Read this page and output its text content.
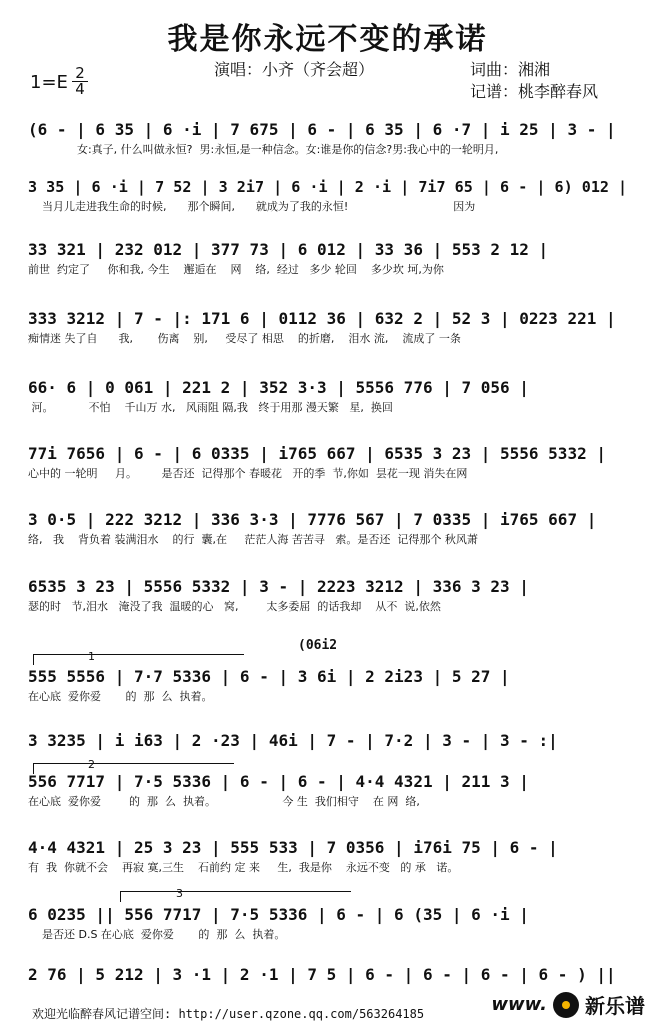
我是你永远不变的承诺
演唱：小齐（齐会超）	词曲：湘湘
记谱：桃李醉春风
1=E 2
4
(6 - | 6 35 | 6 ·i | 7 675 | 6 - | 6 35 | 6 ·7 | i 25 | 3 - |
女:真子, 什么叫做永恒?  男:永恒,是一种信念。女:谁是你的信念?男:我心中的一轮明月,
3 35 | 6 ·i | 7 52 | 3 2i7 | 6 ·i | 2 ·i | 7i7 65 | 6 - | 6) 012 |
当月儿走进我生命的时候,      那个瞬间,      就成为了我的永恒!                              因为
33 321 | 232 012 | 377 73 | 6 012 | 33 36 | 553 2 12 |
前世  约定了     你和我, 今生    邂逅在    网    络,  经过   多少 轮回    多少坎 坷,为你
333 3212 | 7 - |: 171 6 | 0112 36 | 632 2 | 52 3 | 0223 221 |
痴情迷 失了自      我,       伤离    别,     受尽了 相思    的折磨,    泪水 流,    流成了 一条
66· 6 | 0 061 | 221 2 | 352 3·3 | 5556 776 | 7 056 |
河。          不怕    千山万 水,   风雨阻 隔,我   终于用那 漫天繁   星,  换回
77i 7656 | 6 - | 6 0335 | i765 667 | 6535 3 23 | 5556 5332 |
心中的 一轮明     月。       是否还  记得那个 春暖花   开的季  节,你如  昙花一现 消失在网
3 0·5 | 222 3212 | 336 3·3 | 7776 567 | 7 0335 | i765 667 |
络,   我    背负着 装满泪水    的行  囊,在     茫茫人海 苦苦寻   索。是否还  记得那个 秋风萧
6535 3 23 | 5556 5332 | 3 - | 2223 3212 | 336 3 23 |
瑟的时   节,泪水   淹没了我  温暖的心   窝,        太多委屈  的话我却    从不  说,依然
555 5556 | 7·7 5336 | 6 - | 3 6i | 2 2i23 | 5 27 |
在心底  爱你爱       的  那  么  执着。
3 3235 | i i63 | 2 ·23 | 46i | 7 - | 7·2 | 3 - | 3 - :|
556 7717 | 7·5 5336 | 6 - | 6 - | 4·4 4321 | 211 3 |
在心底  爱你爱        的  那  么  执着。                   今 生  我们相守    在 网  络,
4·4 4321 | 25 3 23 | 555 533 | 7 0356 | i76i 75 | 6 - |
有  我  你就不会    再寂 寞,三生    石前约 定 来     生,  我是你    永远不变   的 承   诺。
6 0235 || 556 7717 | 7·5 5336 | 6 - | 6 (35 | 6 ·i |
是否还 D.S 在心底  爱你爱       的  那  么  执着。
2 76 | 5 212 | 3 ·1 | 2 ·1 | 7 5 | 6 - | 6 - | 6 - | 6 - ) ||
(06i2
1
2
3
欢迎光临醉春风记谱空间: http://user.qzone.qq.com/563264185	www. 新乐谱
